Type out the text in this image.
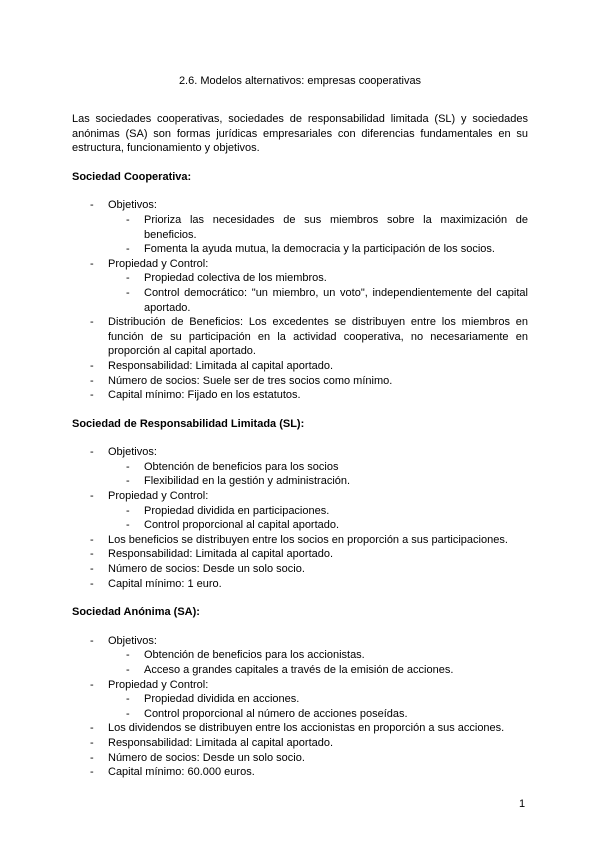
2.6. Modelos alternativos: empresas cooperativas

Las sociedades cooperativas, sociedades de responsabilidad limitada (SL) y sociedades anónimas (SA) son formas jurídicas empresariales con diferencias fundamentales en su estructura, funcionamiento y objetivos.

Sociedad Cooperativa:
- Objetivos:
- Prioriza las necesidades de sus miembros sobre la maximización de beneficios.
- Fomenta la ayuda mutua, la democracia y la participación de los socios.
- Propiedad y Control:
- Propiedad colectiva de los miembros.
- Control democrático: "un miembro, un voto", independientemente del capital aportado.
- Distribución de Beneficios: Los excedentes se distribuyen entre los miembros en función de su participación en la actividad cooperativa, no necesariamente en proporción al capital aportado.
- Responsabilidad: Limitada al capital aportado.
- Número de socios: Suele ser de tres socios como mínimo.
- Capital mínimo: Fijado en los estatutos.
Sociedad de Responsabilidad Limitada (SL):
- Objetivos:
- Obtención de beneficios para los socios
- Flexibilidad en la gestión y administración.
- Propiedad y Control:
- Propiedad dividida en participaciones.
- Control proporcional al capital aportado.
- Los beneficios se distribuyen entre los socios en proporción a sus participaciones.
- Responsabilidad: Limitada al capital aportado.
- Número de socios: Desde un solo socio.
- Capital mínimo: 1 euro.
Sociedad Anónima (SA):
- Objetivos:
- Obtención de beneficios para los accionistas.
- Acceso a grandes capitales a través de la emisión de acciones.
- Propiedad y Control:
- Propiedad dividida en acciones.
- Control proporcional al número de acciones poseídas.
- Los dividendos se distribuyen entre los accionistas en proporción a sus acciones.
- Responsabilidad: Limitada al capital aportado.
- Número de socios: Desde un solo socio.
- Capital mínimo: 60.000 euros.
1
